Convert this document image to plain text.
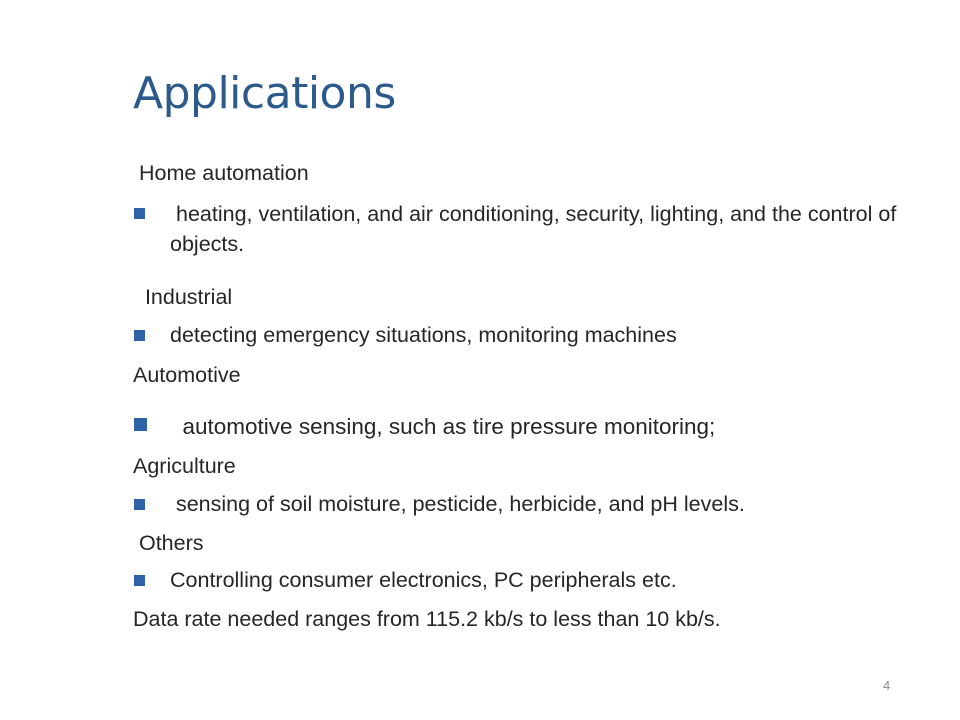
Applications
Home automation
heating, ventilation, and air conditioning, security, lighting, and the control of objects.
Industrial
detecting emergency situations, monitoring machines
Automotive
automotive sensing, such as tire pressure monitoring;
Agriculture
sensing of soil moisture, pesticide, herbicide, and pH levels.
Others
Controlling consumer electronics, PC peripherals etc.
Data rate needed ranges from 115.2 kb/s to less than 10 kb/s.
4
